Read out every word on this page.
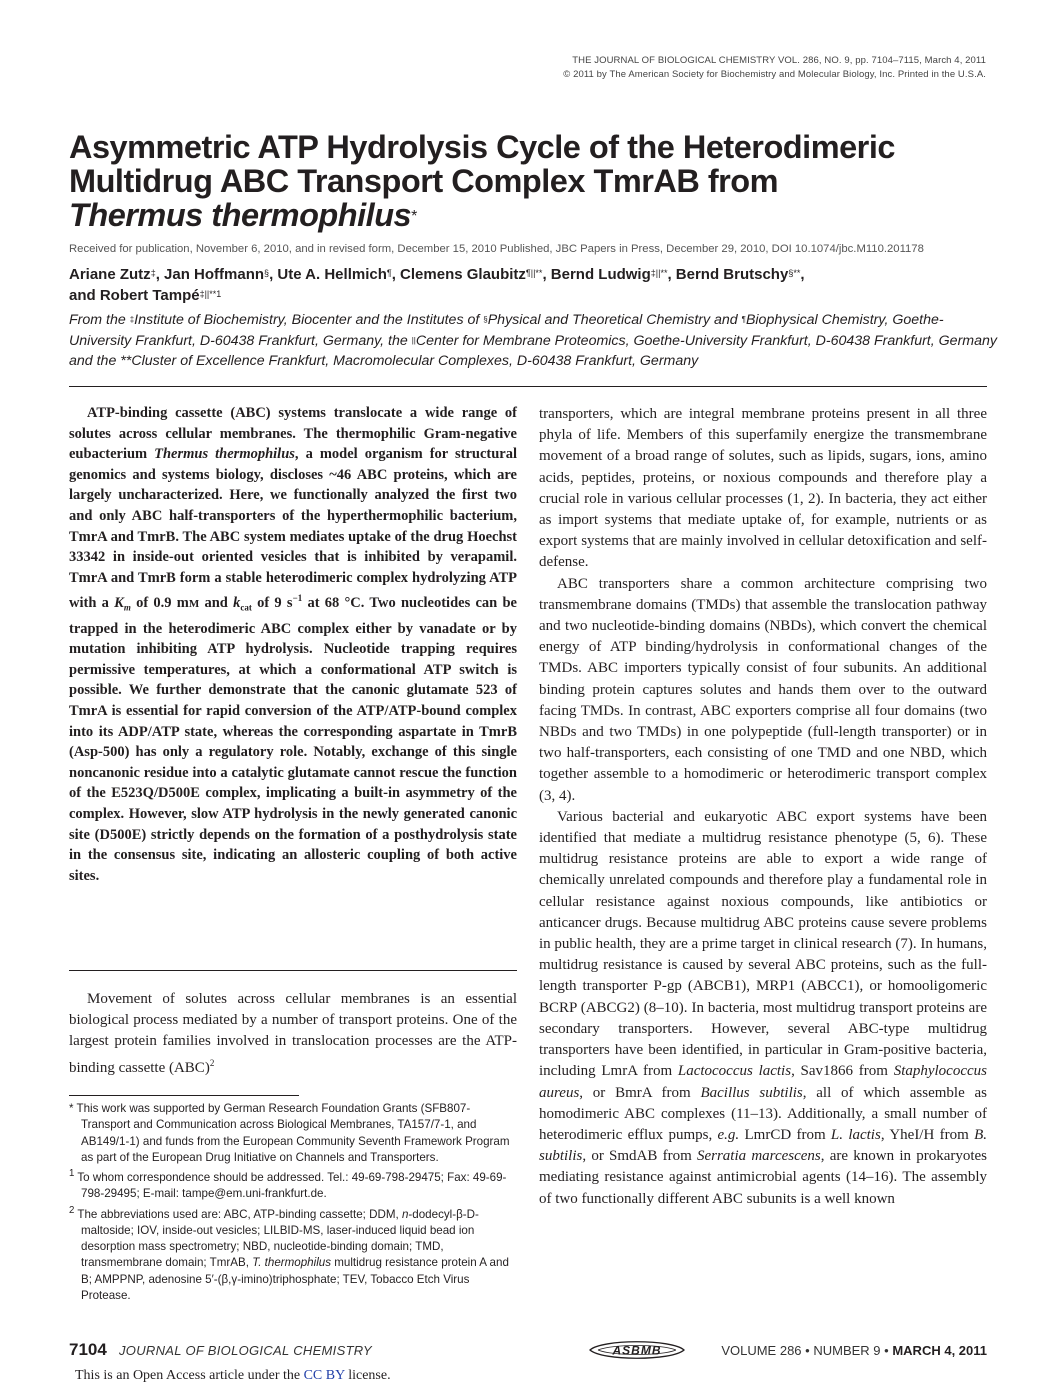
THE JOURNAL OF BIOLOGICAL CHEMISTRY VOL. 286, NO. 9, pp. 7104–7115, March 4, 2011
© 2011 by The American Society for Biochemistry and Molecular Biology, Inc. Printed in the U.S.A.
Asymmetric ATP Hydrolysis Cycle of the Heterodimeric
Multidrug ABC Transport Complex TmrAB from
Thermus thermophilus*
Received for publication, November 6, 2010, and in revised form, December 15, 2010 Published, JBC Papers in Press, December 29, 2010, DOI 10.1074/jbc.M110.201178
Ariane Zutz‡, Jan Hoffmann§, Ute A. Hellmich¶, Clemens Glaubitz¶||**, Bernd Ludwig‡||**, Bernd Brutschy§**,
and Robert Tampé$^{\ddagger||**1}$
From the ‡Institute of Biochemistry, Biocenter and the Institutes of §Physical and Theoretical Chemistry and ¶Biophysical Chemistry, Goethe-University Frankfurt, D-60438 Frankfurt, Germany, the ||Center for Membrane Proteomics, Goethe-University Frankfurt, D-60438 Frankfurt, Germany and the **Cluster of Excellence Frankfurt, Macromolecular Complexes, D-60438 Frankfurt, Germany

ATP-binding cassette (ABC) systems translocate a wide range of solutes across cellular membranes. The thermophilic Gram-negative eubacterium Thermus thermophilus, a model organism for structural genomics and systems biology, discloses ~46 ABC proteins, which are largely uncharacterized. Here, we functionally analyzed the first two and only ABC half-transporters of the hyperthermophilic bacterium, TmrA and TmrB. The ABC system mediates uptake of the drug Hoechst 33342 in inside-out oriented vesicles that is inhibited by verapamil. TmrA and TmrB form a stable heterodimeric complex hydrolyzing ATP with a $K_m$ of 0.9 mM and $k_{cat}$ of 9 $s^{-1}$ at 68 °C. Two nucleotides can be trapped in the heterodimeric ABC complex either by vanadate or by mutation inhibiting ATP hydrolysis. Nucleotide trapping requires permissive temperatures, at which a conformational ATP switch is possible. We further demonstrate that the canonic glutamate 523 of TmrA is essential for rapid conversion of the ATP/ATP-bound complex into its ADP/ATP state, whereas the corresponding aspartate in TmrB (Asp-500) has only a regulatory role. Notably, exchange of this single noncanonic residue into a catalytic glutamate cannot rescue the function of the E523Q/D500E complex, implicating a built-in asymmetry of the complex. However, slow ATP hydrolysis in the newly generated canonic site (D500E) strictly depends on the formation of a posthydrolysis state in the consensus site, indicating an allosteric coupling of both active sites.

Movement of solutes across cellular membranes is an essential biological process mediated by a number of transport proteins. One of the largest protein families involved in translocation processes are the ATP-binding cassette (ABC)$^2$

* This work was supported by German Research Foundation Grants (SFB807-Transport and Communication across Biological Membranes, TA157/7-1, and AB149/1-1) and funds from the European Community Seventh Framework Program as part of the European Drug Initiative on Channels and Transporters.

$^1$ To whom correspondence should be addressed. Tel.: 49-69-798-29475; Fax: 49-69-798-29495; E-mail: tampe@em.uni-frankfurt.de.

$^2$ The abbreviations used are: ABC, ATP-binding cassette; DDM, n-dodecyl-β-D-maltoside; IOV, inside-out vesicles; LILBID-MS, laser-induced liquid bead ion desorption mass spectrometry; NBD, nucleotide-binding domain; TMD, transmembrane domain; TmrAB, T. thermophilus multidrug resistance protein A and B; AMPPNP, adenosine 5′-(β,γ-imino)triphosphate; TEV, Tobacco Etch Virus Protease.

transporters, which are integral membrane proteins present in all three phyla of life. Members of this superfamily energize the transmembrane movement of a broad range of solutes, such as lipids, sugars, ions, amino acids, peptides, proteins, or noxious compounds and therefore play a crucial role in various cellular processes (1, 2). In bacteria, they act either as import systems that mediate uptake of, for example, nutrients or as export systems that are mainly involved in cellular detoxification and self-defense.

ABC transporters share a common architecture comprising two transmembrane domains (TMDs) that assemble the translocation pathway and two nucleotide-binding domains (NBDs), which convert the chemical energy of ATP binding/hydrolysis in conformational changes of the TMDs. ABC importers typically consist of four subunits. An additional binding protein captures solutes and hands them over to the outward facing TMDs. In contrast, ABC exporters comprise all four domains (two NBDs and two TMDs) in one polypeptide (full-length transporter) or in two half-transporters, each consisting of one TMD and one NBD, which together assemble to a homodimeric or heterodimeric transport complex (3, 4).

Various bacterial and eukaryotic ABC export systems have been identified that mediate a multidrug resistance phenotype (5, 6). These multidrug resistance proteins are able to export a wide range of chemically unrelated compounds and therefore play a fundamental role in cellular resistance against noxious compounds, like antibiotics or anticancer drugs. Because multidrug ABC proteins cause severe problems in public health, they are a prime target in clinical research (7). In humans, multidrug resistance is caused by several ABC proteins, such as the full-length transporter P-gp (ABCB1), MRP1 (ABCC1), or homooligomeric BCRP (ABCG2) (8–10). In bacteria, most multidrug transport proteins are secondary transporters. However, several ABC-type multidrug transporters have been identified, in particular in Gram-positive bacteria, including LmrA from Lactococcus lactis, Sav1866 from Staphylococcus aureus, or BmrA from Bacillus subtilis, all of which assemble as homodimeric ABC complexes (11–13). Additionally, a small number of heterodimeric efflux pumps, e.g. LmrCD from L. lactis, YheI/H from B. subtilis, or SmdAB from Serratia marcescens, are known in prokaryotes mediating resistance against antimicrobial agents (14–16). The assembly of two functionally different ABC subunits is a well known

7104 JOURNAL OF BIOLOGICAL CHEMISTRY	ASBMB	VOLUME 286 • NUMBER 9 • MARCH 4, 2011
This is an Open Access article under the CC BY license.
